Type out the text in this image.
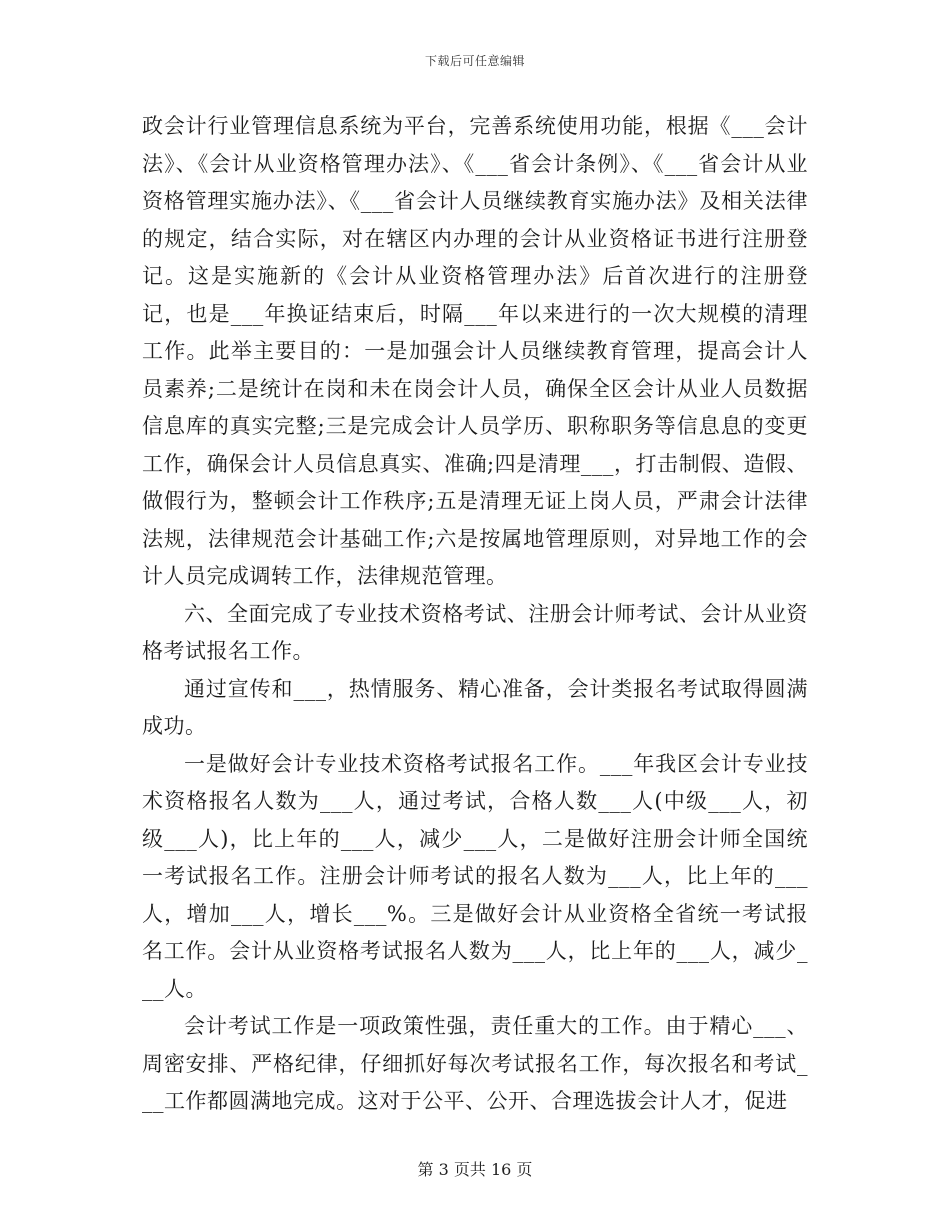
下载后可任意编辑

政会计行业管理信息系统为平台，完善系统使用功能，根据《___会计法》、《会计从业资格管理办法》、《___省会计条例》、《___省会计从业资格管理实施办法》、《___省会计人员继续教育实施办法》及相关法律的规定，结合实际，对在辖区内办理的会计从业资格证书进行注册登记。这是实施新的《会计从业资格管理办法》后首次进行的注册登记，也是___年换证结束后，时隔___年以来进行的一次大规模的清理工作。此举主要目的：一是加强会计人员继续教育管理，提高会计人员素养;二是统计在岗和未在岗会计人员，确保全区会计从业人员数据信息库的真实完整;三是完成会计人员学历、职称职务等信息息的变更工作，确保会计人员信息真实、准确;四是清理___，打击制假、造假、做假行为，整顿会计工作秩序;五是清理无证上岗人员，严肃会计法律法规，法律规范会计基础工作;六是按属地管理原则，对异地工作的会计人员完成调转工作，法律规范管理。

六、全面完成了专业技术资格考试、注册会计师考试、会计从业资格考试报名工作。

通过宣传和___，热情服务、精心准备，会计类报名考试取得圆满成功。

一是做好会计专业技术资格考试报名工作。___年我区会计专业技术资格报名人数为___人，通过考试，合格人数___人(中级___人，初级___人)，比上年的___人，减少___人，二是做好注册会计师全国统一考试报名工作。注册会计师考试的报名人数为___人，比上年的___人，增加___人，增长___%。三是做好会计从业资格全省统一考试报名工作。会计从业资格考试报名人数为___人，比上年的___人，减少___人。

会计考试工作是一项政策性强，责任重大的工作。由于精心___、周密安排、严格纪律，仔细抓好每次考试报名工作，每次报名和考试___工作都圆满地完成。这对于公平、公开、合理选拔会计人才，促进

第 3 页共 16 页
